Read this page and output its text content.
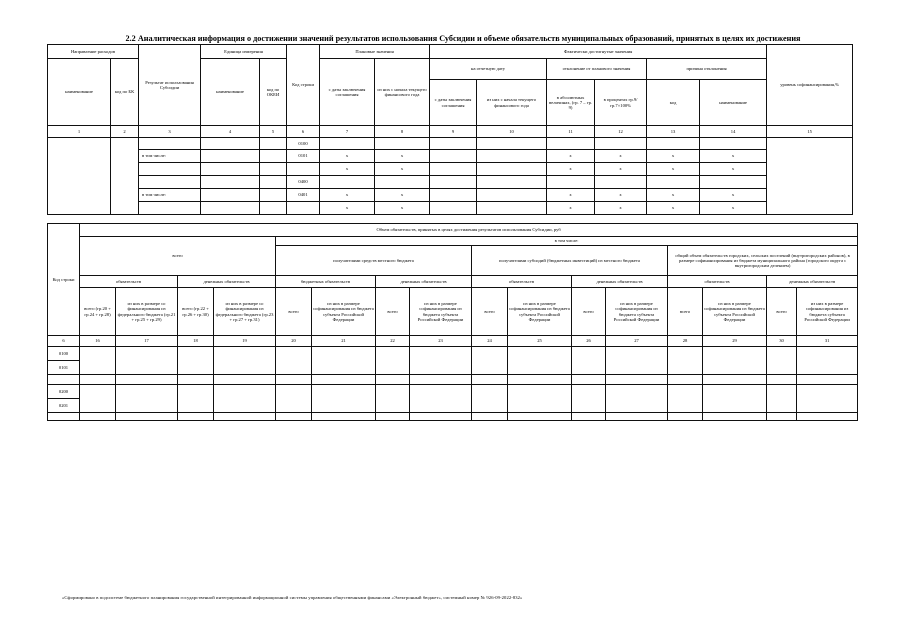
2.2 Аналитическая информация о достижении значений результатов использования Субсидии и объеме обязательств муниципальных образований, принятых в целях их достижения
Направление расходов		Результат использования Субсидии	Единица измерения		Код строки	Плановые значения		Фактически достигнутые значения						уровень софинансирования,%
наименование	код по БК		наименование	код по ОКЕИ		с даты заключения соглашения	из них с начала текущего финансового года	на отчетную дату		отклонение от планового значения		причина отклонения		
								с даты заключения соглашения	из них с начала текущего финансового года	в абсолютных величинах, (гр. 7 – гр. 9)	в процентах гр.9/гр.7×100%	код	наименование	
1	2	3	4	5	6	7	8	9	10	11	12	13	14	15
					0100									
		в том числе:			0101	x	x			x	x	x	x	
						x	x			x	x	x	x	
					0400									
		в том числе:			0401	x	x			x	x	x	x	
						x	x			x	x	x	x	
Код строки	Объем обязательств, принятых в целях достижения результатов использования Субсидии, руб															
	всего				в том числе:											
					получателями средств местного бюджета				получателями субсидий (бюджетных инвестиций) из местного бюджета				общий объем обязательств городских, сельских поселений (внутригородских районов), в размере софинансирования из бюджета муниципального района (городского округа с внутригородским делением)			
	обязательств		денежных обязательств		бюджетных обязательств		денежных обязательств		обязательств		денежных обязательств		обязательств		денежных обязательств	
	всего (гр.20 + гр.24 + гр.28)	из них в размере со финансирования из федерального бюджета (гр.21 + гр.25 + гр.29)	всего (гр.22 + гр.26 + гр.30)	из них в размере со финансирования из федерального бюджета (гр.23 + гр.27 + гр.31)	всего	из них в размере софинансирования из бюджета субъекта Российской Федерации	всего	из них в размере софинансирования из бюджета субъекта Российской Федерации	всего	из них в размере софинансирования из бюджета субъекта Российской Федерации	всего	из них в размере софинансирования из бюджета субъекта Российской Федерации	всего	из них в размере софинансирования из бюджета субъекта Российской Федерации	всего	из них в размере софинансирования из бюджета субъекта Российской Федерации
6	16	17	18	19	20	21	22	23	24	25	26	27	28	29	30	31
0100																
0101																

0200																
0201																

«Сформировано в подсистеме бюджетного планирования государственной интегрированной информационной системы управления общественными финансами «Электронный бюджет», системный номер № 926-09-2022-832»
